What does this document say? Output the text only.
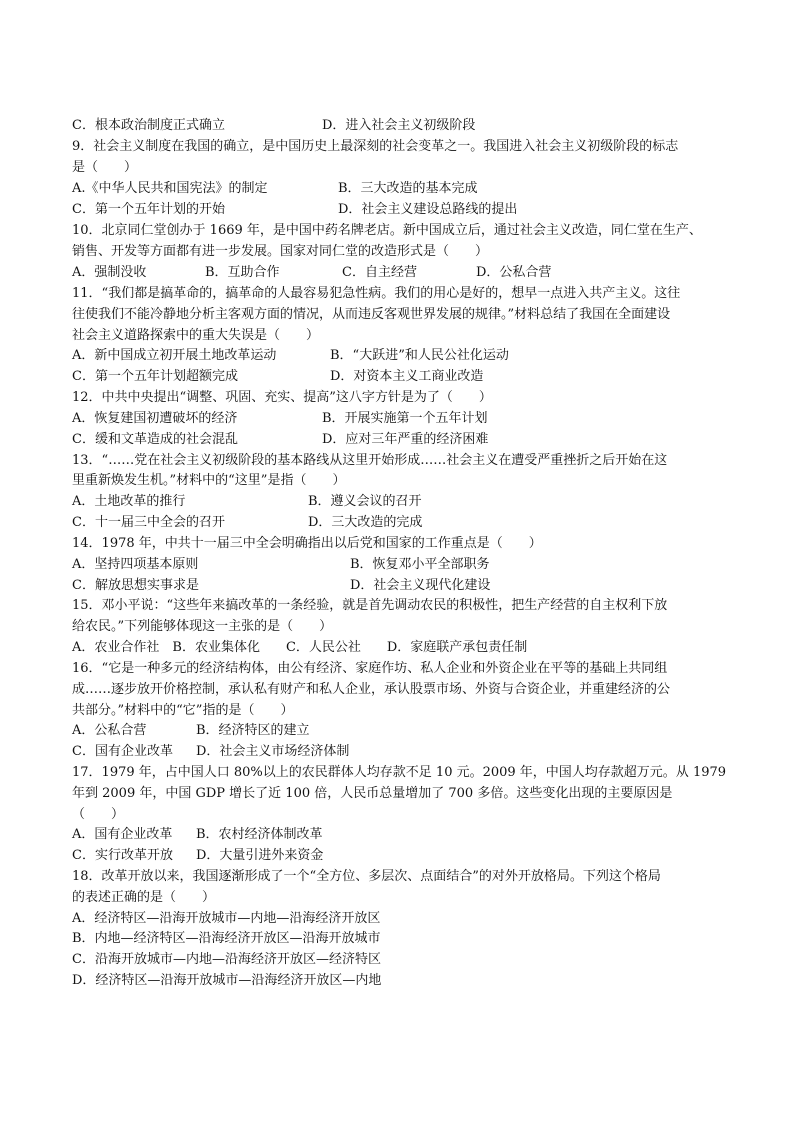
C．根本政治制度正式确立	D．进入社会主义初级阶段
9．社会主义制度在我国的确立，是中国历史上最深刻的社会变革之一。我国进入社会主义初级阶段的标志
是（　　）
A.《中华人民共和国宪法》的制定	B．三大改造的基本完成
C．第一个五年计划的开始	D．社会主义建设总路线的提出
10．北京同仁堂创办于 1669 年，是中国中药名牌老店。新中国成立后，通过社会主义改造，同仁堂在生产、
销售、开发等方面都有进一步发展。国家对同仁堂的改造形式是（　　）
A．强制没收	B．互助合作	C．自主经营	D．公私合营
11．“我们都是搞革命的，搞革命的人最容易犯急性病。我们的用心是好的，想早一点进入共产主义。这往
往使我们不能冷静地分析主客观方面的情况，从而违反客观世界发展的规律。”材料总结了我国在全面建设
社会主义道路探索中的重大失误是（　　）
A．新中国成立初开展土地改革运动	B．“大跃进”和人民公社化运动
C．第一个五年计划超额完成	D．对资本主义工商业改造
12．中共中央提出“调整、巩固、充实、提高”这八字方针是为了（　　）
A．恢复建国初遭破坏的经济	B．开展实施第一个五年计划
C．缓和文革造成的社会混乱	D．应对三年严重的经济困难
13．“……党在社会主义初级阶段的基本路线从这里开始形成……社会主义在遭受严重挫折之后开始在这
里重新焕发生机。”材料中的“这里”是指（　　）
A．土地改革的推行	B．遵义会议的召开
C．十一届三中全会的召开	D．三大改造的完成
14．1978 年，中共十一届三中全会明确指出以后党和国家的工作重点是（　　）
A．坚持四项基本原则	B．恢复邓小平全部职务
C．解放思想实事求是	D．社会主义现代化建设
15．邓小平说：“这些年来搞改革的一条经验，就是首先调动农民的积极性，把生产经营的自主权利下放
给农民。”下列能够体现这一主张的是（　　）
A．农业合作社　B．农业集体化　　C．人民公社　　D．家庭联产承包责任制
16．“它是一种多元的经济结构体，由公有经济、家庭作坊、私人企业和外资企业在平等的基础上共同组
成……逐步放开价格控制，承认私有财产和私人企业，承认股票市场、外资与合资企业，并重建经济的公
共部分。”材料中的“它”指的是（　　）
A．公私合营	B．经济特区的建立
C．国有企业改革 D．社会主义市场经济体制
17．1979 年，占中国人口 80%以上的农民群体人均存款不足 10 元。2009 年，中国人均存款超万元。从 1979
年到 2009 年，中国 GDP 增长了近 100 倍，人民币总量增加了 700 多倍。这些变化出现的主要原因是
（　　）
A．国有企业改革 B．农村经济体制改革
C．实行改革开放 D．大量引进外来资金
18．改革开放以来，我国逐渐形成了一个“全方位、多层次、点面结合”的对外开放格局。下列这个格局
的表述正确的是（　　）
A．经济特区—沿海开放城市—内地—沿海经济开放区
B．内地—经济特区—沿海经济开放区—沿海开放城市
C．沿海开放城市—内地—沿海经济开放区—经济特区
D．经济特区—沿海开放城市—沿海经济开放区—内地
